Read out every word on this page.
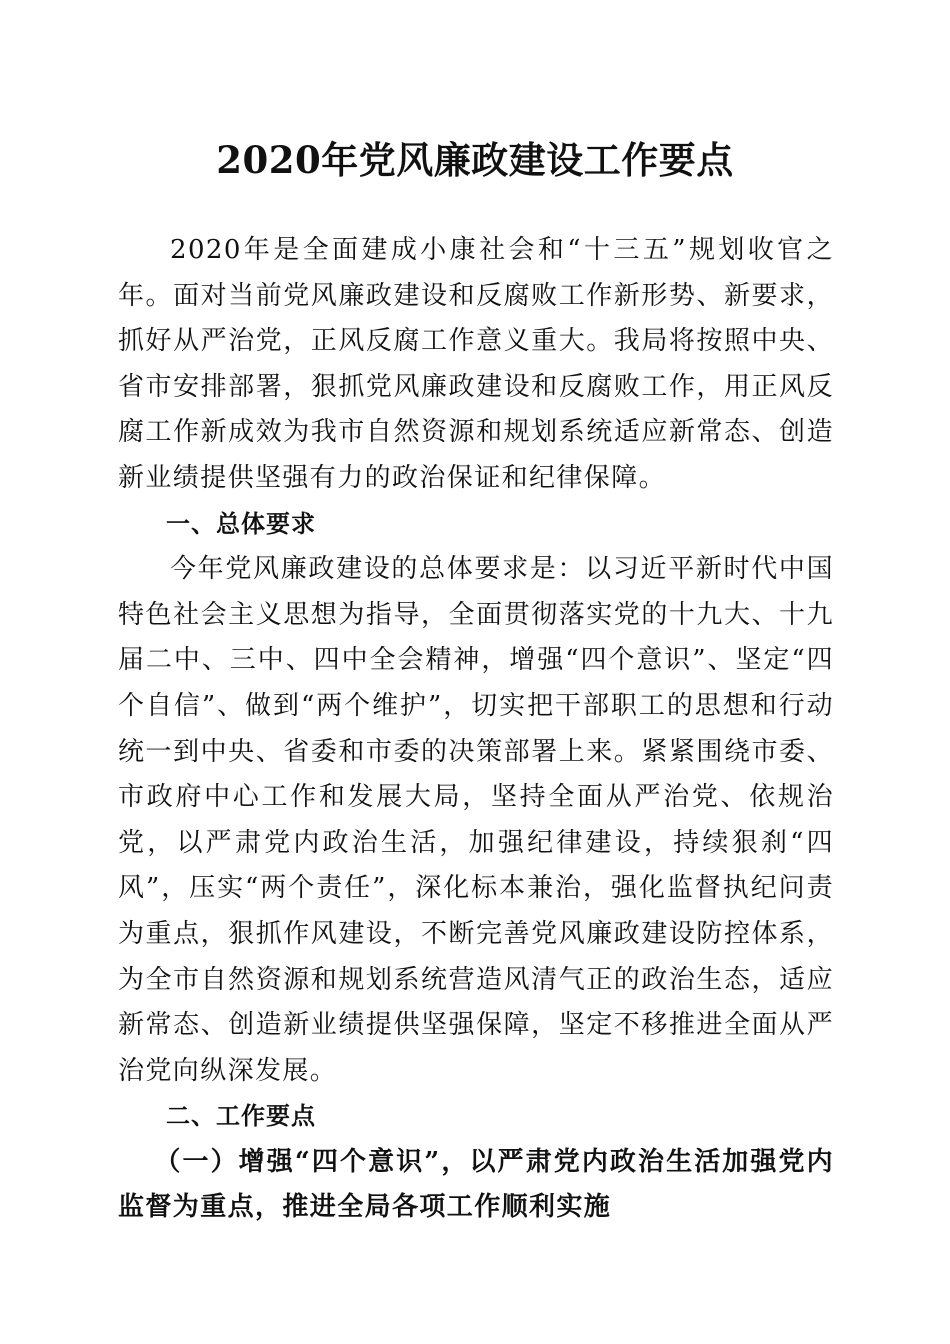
2020年党风廉政建设工作要点

2020年是全面建成小康社会和“十三五”规划收官之年。面对当前党风廉政建设和反腐败工作新形势、新要求，抓好从严治党，正风反腐工作意义重大。我局将按照中央、省市安排部署，狠抓党风廉政建设和反腐败工作，用正风反腐工作新成效为我市自然资源和规划系统适应新常态、创造新业绩提供坚强有力的政治保证和纪律保障。

一、总体要求

今年党风廉政建设的总体要求是：以习近平新时代中国特色社会主义思想为指导，全面贯彻落实党的十九大、十九届二中、三中、四中全会精神，增强“四个意识”、坚定“四个自信”、做到“两个维护”，切实把干部职工的思想和行动统一到中央、省委和市委的决策部署上来。紧紧围绕市委、市政府中心工作和发展大局，坚持全面从严治党、依规治党，以严肃党内政治生活，加强纪律建设，持续狠刹“四风”，压实“两个责任”，深化标本兼治，强化监督执纪问责为重点，狠抓作风建设，不断完善党风廉政建设防控体系，为全市自然资源和规划系统营造风清气正的政治生态，适应新常态、创造新业绩提供坚强保障，坚定不移推进全面从严治党向纵深发展。

二、工作要点

（一）增强“四个意识”，以严肃党内政治生活加强党内监督为重点，推进全局各项工作顺利实施
